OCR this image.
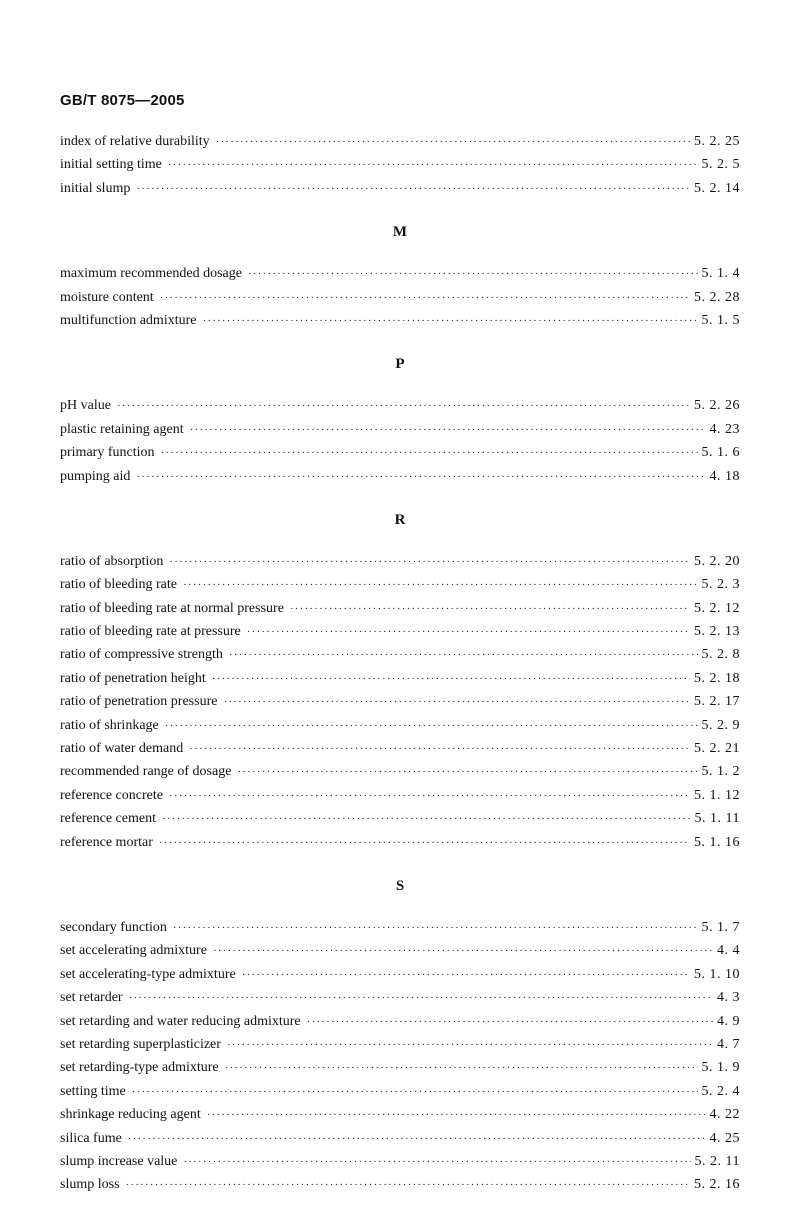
GB/T 8075—2005
index of relative durability ·····	5. 2. 25
initial setting time ·····	5. 2. 5
initial slump ·····	5. 2. 14
M
maximum recommended dosage ·····	5. 1. 4
moisture content ·····	5. 2. 28
multifunction admixture ·····	5. 1. 5
P
pH value ·····	5. 2. 26
plastic retaining agent ·····	4. 23
primary function ·····	5. 1. 6
pumping aid ·····	4. 18
R
ratio of absorption ·····	5. 2. 20
ratio of bleeding rate ·····	5. 2. 3
ratio of bleeding rate at normal pressure ·····	5. 2. 12
ratio of bleeding rate at pressure ·····	5. 2. 13
ratio of compressive strength ·····	5. 2. 8
ratio of penetration height ·····	5. 2. 18
ratio of penetration pressure ·····	5. 2. 17
ratio of shrinkage ·····	5. 2. 9
ratio of water demand ·····	5. 2. 21
recommended range of dosage ·····	5. 1. 2
reference concrete ·····	5. 1. 12
reference cement ·····	5. 1. 11
reference mortar ·····	5. 1. 16
S
secondary function ·····	5. 1. 7
set accelerating admixture ·····	4. 4
set accelerating-type admixture ·····	5. 1. 10
set retarder ·····	4. 3
set retarding and water reducing admixture ·····	4. 9
set retarding superplasticizer ·····	4. 7
set retarding-type admixture ·····	5. 1. 9
setting time ·····	5. 2. 4
shrinkage reducing agent ·····	4. 22
silica fume ·····	4. 25
slump increase value ·····	5. 2. 11
slump loss ·····	5. 2. 16
